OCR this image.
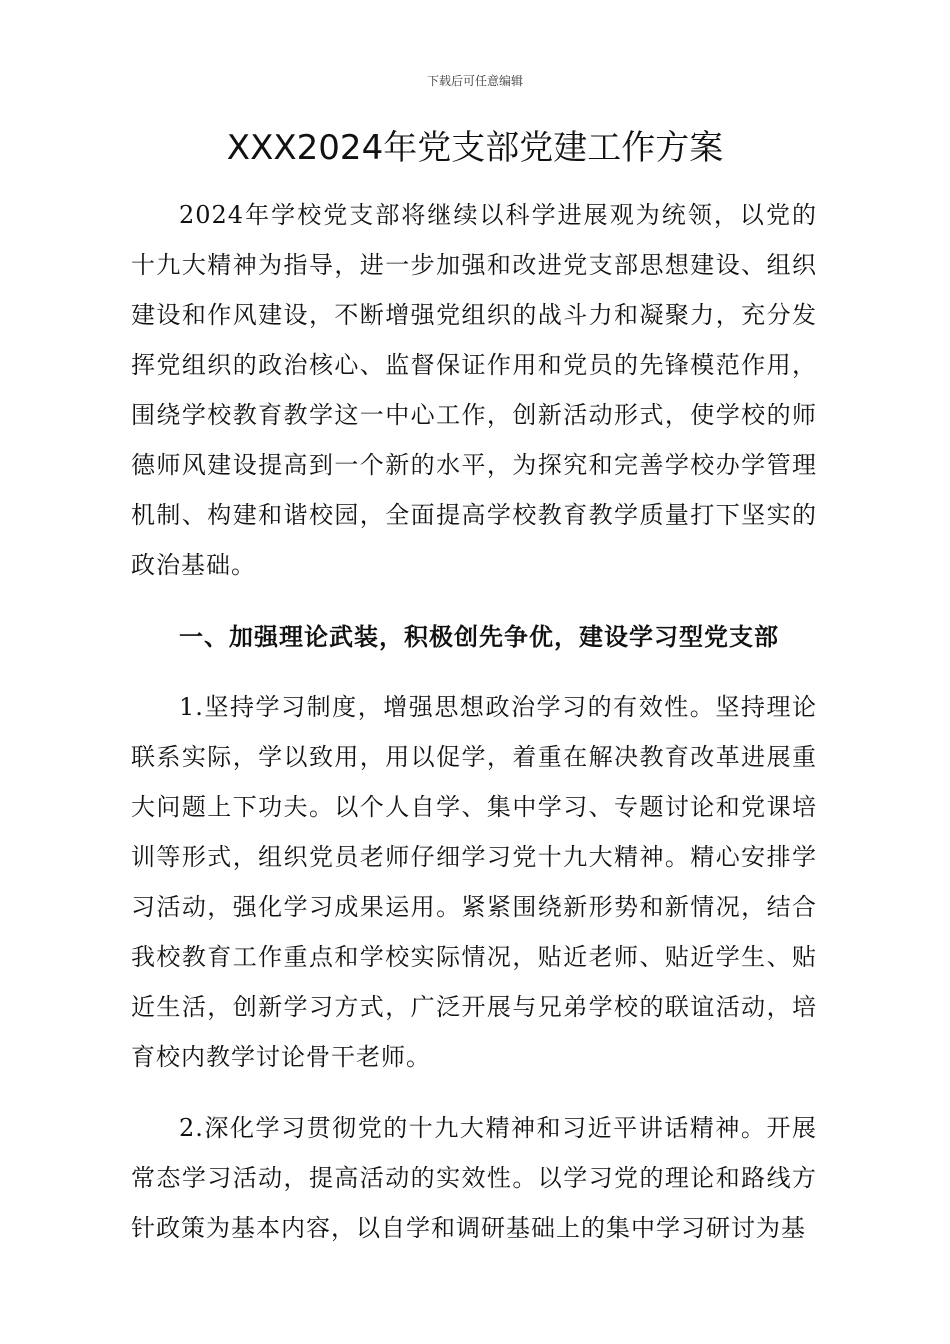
下载后可任意编辑
XXX2024年党支部党建工作方案

2024年学校党支部将继续以科学进展观为统领，以党的十九大精神为指导，进一步加强和改进党支部思想建设、组织建设和作风建设，不断增强党组织的战斗力和凝聚力，充分发挥党组织的政治核心、监督保证作用和党员的先锋模范作用，围绕学校教育教学这一中心工作，创新活动形式，使学校的师德师风建设提高到一个新的水平，为探究和完善学校办学管理机制、构建和谐校园，全面提高学校教育教学质量打下坚实的政治基础。

一、加强理论武装，积极创先争优，建设学习型党支部

1.坚持学习制度，增强思想政治学习的有效性。坚持理论联系实际，学以致用，用以促学，着重在解决教育改革进展重大问题上下功夫。以个人自学、集中学习、专题讨论和党课培训等形式，组织党员老师仔细学习党十九大精神。精心安排学习活动，强化学习成果运用。紧紧围绕新形势和新情况，结合我校教育工作重点和学校实际情况，贴近老师、贴近学生、贴近生活，创新学习方式，广泛开展与兄弟学校的联谊活动，培育校内教学讨论骨干老师。

2.深化学习贯彻党的十九大精神和习近平讲话精神。开展常态学习活动，提高活动的实效性。以学习党的理论和路线方针政策为基本内容，以自学和调研基础上的集中学习研讨为基
